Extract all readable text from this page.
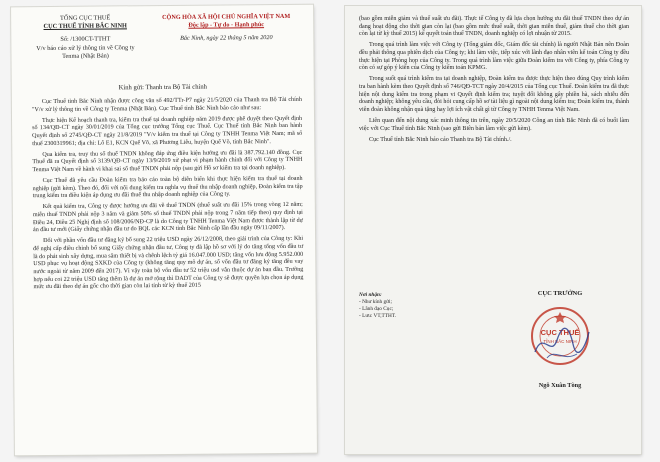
TỔNG CỤC THUẾ
CỤC THUẾ TỈNH BẮC NINH
Số: /1300CT-TTHT
V/v báo cáo xử lý thông tin về Công ty Tenma (Nhật Bản)
CỘNG HÒA XÃ HỘI CHỦ NGHĨA VIỆT NAM
Độc lập - Tự do - Hạnh phúc
Bắc Ninh, ngày 22 tháng 5 năm 2020
Kính gửi: Thanh tra Bộ Tài chính

Cục Thuế tỉnh Bắc Ninh nhận được công văn số 492/TTr-P7 ngày 21/5/2020 của Thanh tra Bộ Tài chính "V/v xử lý thông tin về Công ty Tenma (Nhật Bản). Cục Thuế tỉnh Bắc Ninh báo cáo như sau:

Thực hiện Kế hoạch thanh tra, kiểm tra thuế tại doanh nghiệp năm 2019 được phê duyệt theo Quyết định số 134/QĐ-CT ngày 30/01/2019 của Tổng cục trưởng Tổng cục Thuế. Cục Thuế tỉnh Bắc Ninh ban hành Quyết định số 2745/QĐ-CT ngày 21/8/2019 "V/v kiểm tra thuế tại Công ty TNHH Tenma Việt Nam; mã số thuế 2300319961; địa chỉ: Lô E1, KCN Quế Võ, xã Phương Liễu, huyện Quế Võ, tỉnh Bắc Ninh".

Qua kiểm tra, truy thu số thuế TNDN không đáp ứng điều kiện hưởng ưu đãi là 387.792.140 đồng. Cục Thuế đã ra Quyết định số 3139/QĐ-CT ngày 13/9/2019 xử phạt vi phạm hành chính đối với Công ty TNHH Tenma Việt Nam về hành vi khai sai số thuế TNDN phải nộp (sau gửi Hồ sơ kiểm tra tại doanh nghiệp).

Cục Thuế đã yêu cầu Đoàn kiểm tra báo cáo toàn bộ diễn biến khi thực hiện kiểm tra thuế tại doanh nghiệp (gửi kèm). Theo đó, đối với nội dung kiểm tra nghĩa vụ thuế thu nhập doanh nghiệp, Đoàn kiểm tra tập trung kiểm tra điều kiện áp dụng ưu đãi thuế thu nhập doanh nghiệp của Công ty.

Kết quả kiểm tra, Công ty được hưởng ưu đãi về thuế TNDN (thuế suất ưu đãi 15% trong vòng 12 năm; miễn thuế TNDN phải nộp 3 năm và giảm 50% số thuế TNDN phải nộp trong 7 năm tiếp theo) quy định tại Điều 24, Điều 25 Nghị định số 108/2006/NĐ-CP là do Công ty TNHH Tenma Việt Nam được thành lập từ dự án đầu tư mới (Giấy chứng nhận đầu tư do BQL các KCN tỉnh Bắc Ninh cấp lần đầu ngày 09/11/2007).

Đối với phần vốn đầu tư đăng ký bổ sung 22 triệu USD ngày 26/12/2008, theo giải trình của Công ty: Khi để nghị cấp điều chỉnh bổ sung Giấy chứng nhận đầu tư, Công ty đã lập hồ sơ với lý do tăng tổng vốn đầu tư là do phát sinh xây dựng, mua sắm thiết bị và chênh lệch tỷ giá 16.047.000 USD; tăng vốn lưu động 5.952.000 USD phục vụ hoạt động SXKD của Công ty (không tăng quy mô dự án, số vốn đầu tư đăng ký tăng đều vay nước ngoài từ năm 2009 đến 2017). Vì vậy toàn bộ vốn đầu tư 52 triệu usd vẫn thuộc dự án ban đầu. Trường hợp nếu coi 22 triệu USD tăng thêm là dự án mở rộng thì DADT của Công ty sẽ được quyền lựa chọn áp dụng mức ưu đãi theo dự án gốc cho thời gian còn lại tính từ kỳ thuế 2015

(bao gồm miễn giảm và thuế suất ưu đãi). Thực tế Công ty đã lựa chọn hưởng ưu đãi thuế TNDN theo dự án đang hoạt động cho thời gian còn lại (bao gồm mức thuế suất, thời gian miễn thuế, giảm thuế cho thời gian còn lại từ kỳ thuế 2015) kể quyết toán thuế TNDN, doanh nghiệp có lợi nhuận từ 2015.

Trong quá trình làm việc với Công ty (Tổng giám đốc, Giám đốc tài chính) là người Nhật Bản nên Đoàn đều phải thông qua phiên dịch của Công ty; khi làm việc, tiếp xúc với lãnh đạo nhân viên kế toán Công ty đều thực hiện tại Phòng họp của Công ty. Trong quá trình làm việc giữa Đoàn kiểm tra với Công ty, phía Công ty còn có sự góp ý kiến của Công ty kiểm toán KPMG.

Trong suốt quá trình kiểm tra tại doanh nghiệp, Đoàn kiểm tra được thực hiện theo đúng Quy trình kiểm tra ban hành kèm theo Quyết định số 746/QĐ-TCT ngày 20/4/2015 của Tổng cục Thuế. Đoàn kiểm tra đã thực hiện nội dung kiểm tra trong phạm vi Quyết định kiểm tra; tuyệt đối không gây phiền hà, sách nhiễu đến doanh nghiệp; không yêu cầu, đòi hỏi cung cấp hồ sơ tài liệu gì ngoài nội dung kiểm tra; Đoàn kiểm tra, thành viên đoàn không nhận quà tặng hay lợi ích vật chất gì từ Công ty TNHH Tenma Việt Nam.

Liên quan đến nội dung xác minh thông tin trên, ngày 20/5/2020 Công an tỉnh Bắc Ninh đã có buổi làm việc với Cục Thuế tỉnh Bắc Ninh (sao gửi Biên bản làm việc gửi kèm).

Cục Thuế tỉnh Bắc Ninh báo cáo Thanh tra Bộ Tài chính./.

Nơi nhận:
- Như kính gửi;
- Lãnh đạo Cục;
- Lưu: VT,TTHT.
CỤC TRƯỞNG
CỤC THUẾ
TỈNH BẮC NINH
Ngô Xuân Tòng
